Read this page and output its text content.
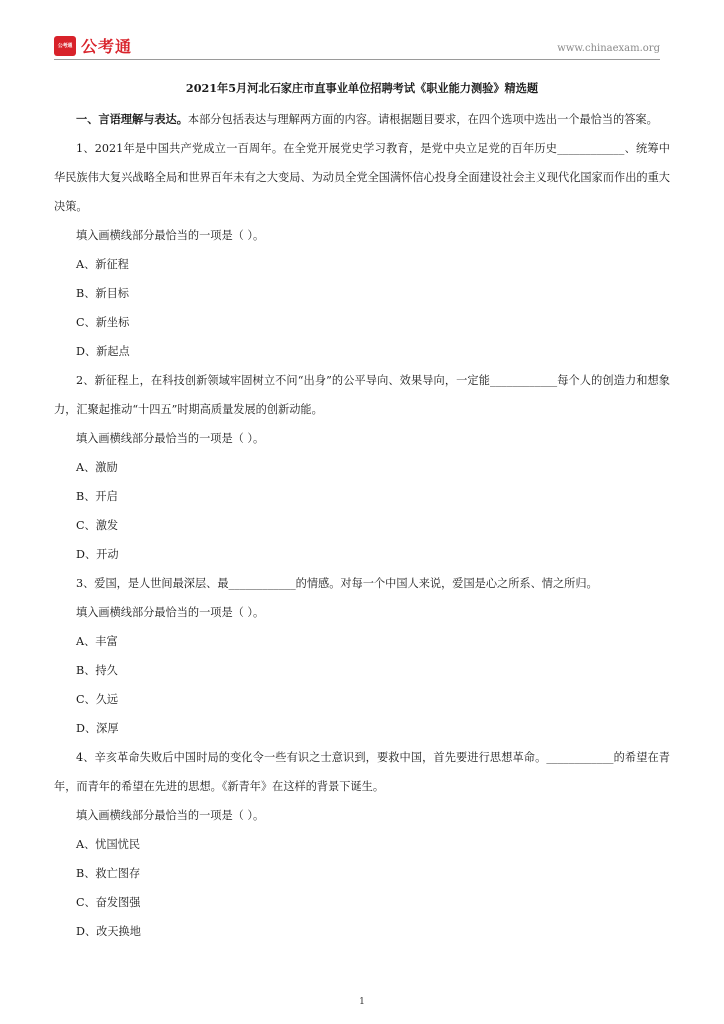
公考通 公考通	www.chinaexam.org
2021年5月河北石家庄市直事业单位招聘考试《职业能力测验》精选题

一、言语理解与表达。本部分包括表达与理解两方面的内容。请根据题目要求，在四个选项中选出一个最恰当的答案。

1、2021年是中国共产党成立一百周年。在全党开展党史学习教育，是党中央立足党的百年历史____________、统筹中华民族伟大复兴战略全局和世界百年未有之大变局、为动员全党全国满怀信心投身全面建设社会主义现代化国家而作出的重大决策。

填入画横线部分最恰当的一项是（ ）。

A、新征程

B、新目标

C、新坐标

D、新起点

2、新征程上，在科技创新领域牢固树立不问“出身”的公平导向、效果导向，一定能____________每个人的创造力和想象力，汇聚起推动“十四五”时期高质量发展的创新动能。

填入画横线部分最恰当的一项是（ ）。

A、激励

B、开启

C、激发

D、开动

3、爱国，是人世间最深层、最____________的情感。对每一个中国人来说，爱国是心之所系、情之所归。

填入画横线部分最恰当的一项是（ ）。

A、丰富

B、持久

C、久远

D、深厚

4、辛亥革命失败后中国时局的变化令一些有识之士意识到，要救中国，首先要进行思想革命。____________的希望在青年，而青年的希望在先进的思想。《新青年》在这样的背景下诞生。

填入画横线部分最恰当的一项是（ ）。

A、忧国忧民

B、救亡图存

C、奋发图强

D、改天换地

1
